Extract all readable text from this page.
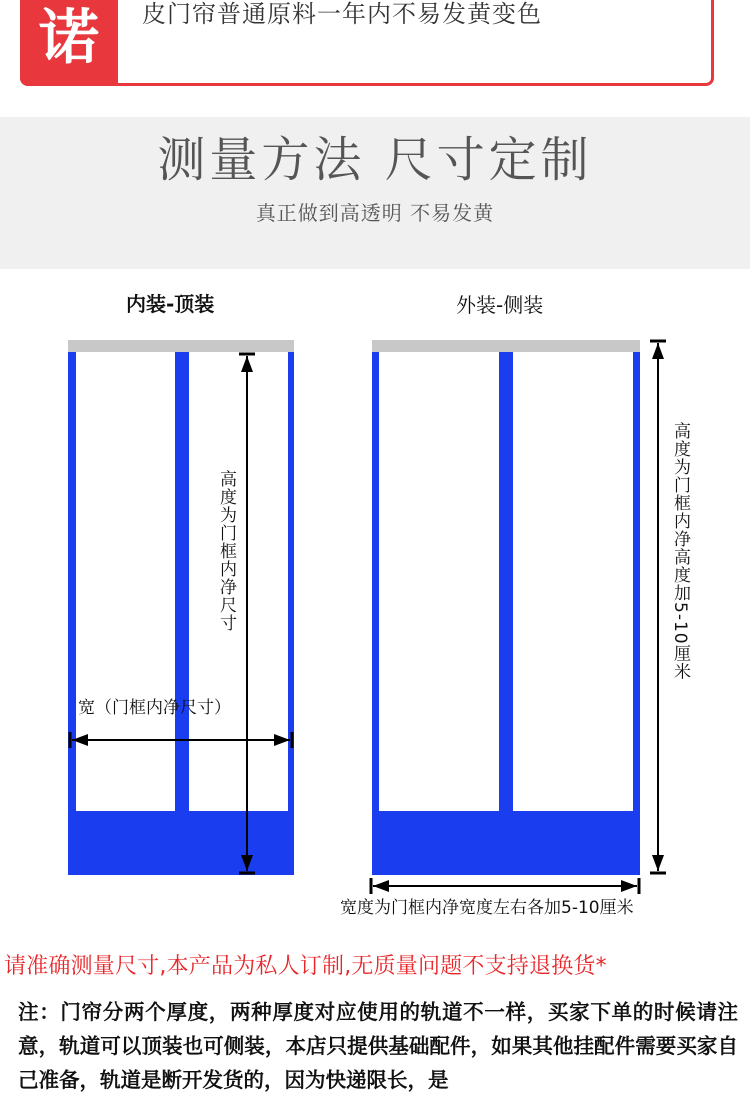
诺	皮门帘普通原料一年内不易发黄变色
测量方法 尺寸定制
真正做到高透明 不易发黄
内装-顶装	外装-侧装
高度为门框内净尺寸
宽（门框内净尺寸）
高度为门框内净高度加5-10厘米
宽度为门框内净宽度左右各加5-10厘米
请准确测量尺寸,本产品为私人订制,无质量问题不支持退换货*
注：门帘分两个厚度，两种厚度对应使用的轨道不一样，买家下单的时候请注意，轨道可以顶装也可侧装，本店只提供基础配件，如果其他挂配件需要买家自己准备，轨道是断开发货的，因为快递限长，是
